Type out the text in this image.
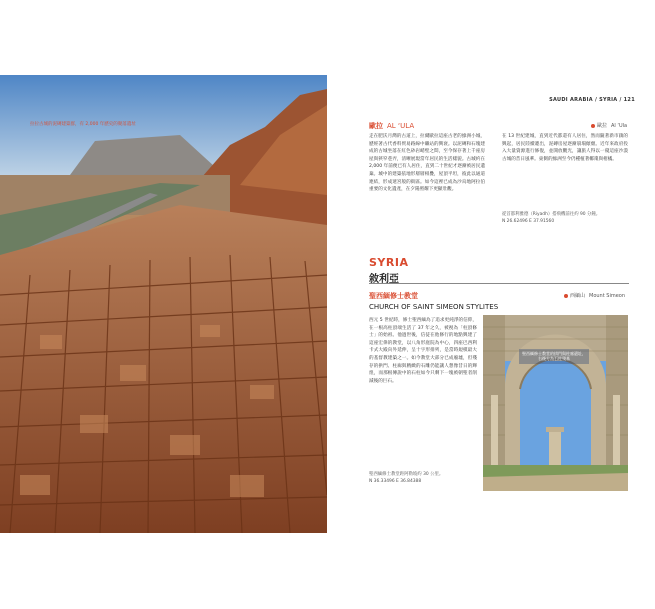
拉拉古城的泥磚建築群，有 2,000 年歷史的聚落遺址
SAUDI ARABIA / SYRIA / 121
歐拉 AL ‘ULA	歐拉 Al ‘Ula
走在肥沃月灣的古道上，拉爾歐拉這座古老的綠洲小城，歷經著古代香料貿易路線中繼站的興衰。以泥磚和石塊建成的古城坐落在紅色砂岩峭壁之間，至今保存著上千座房屋與狹窄巷弄，清晰展現當年居民的生活樣貌。古城約在 2,000 年前便已有人居住，直到二十世紀才逐漸被居民遺棄。城中的建築依地形層層相疊，屋頂平坦，彼此以通道連結，形成迷宮般的街區。如今這裡已成為沙烏地阿拉伯重要的文化遺產，在夕陽照耀下更顯壯觀。
在 13 世紀建城，直到近代都還有人居住，然而隨著新市鎮的興起，居民陸續遷出，泥磚房屋逐漸崩塌傾頹。近年來政府投入大量資源進行修復，並開放觀光，讓旅人得以一窺這座沙漠古城的昔日風華。東側的綠洲至今仍種植著椰棗與柑橘。
從首都利雅德（Riyadh）搭飛機前往約 90 分鐘。
N 26.62496 E 37.91560
SYRIA
敘利亞
聖西緬修士教堂
CHURCH OF SAINT SIMEON STYLITES
西緬山 Mount Simeon
西元 5 世紀時，修士聖西緬為了追求更純淨的信仰，在一根高柱頂端生活了 37 年之久，被視為「柱頂修士」的始祖。他過世後，信徒在他修行的地點興建了這座宏偉的教堂，以八角形庭院為中心，四座巴西利卡式大殿向外延伸，呈十字形排列，是當時規模最大的基督教建築之一。如今教堂大部分已成廢墟，但殘存的拱門、柱廊與精緻的石雕仍能讓人想像昔日的輝煌，而那根傳說中的石柱如今只剩下一塊被朝聖者削減後的巨石。
聖西緬修士教堂距阿勒坡約 30 公里。
N 36.33496 E 36.84388
聖西緬修士教堂的拱門與柱廊遺址，右後方為石柱殘基
